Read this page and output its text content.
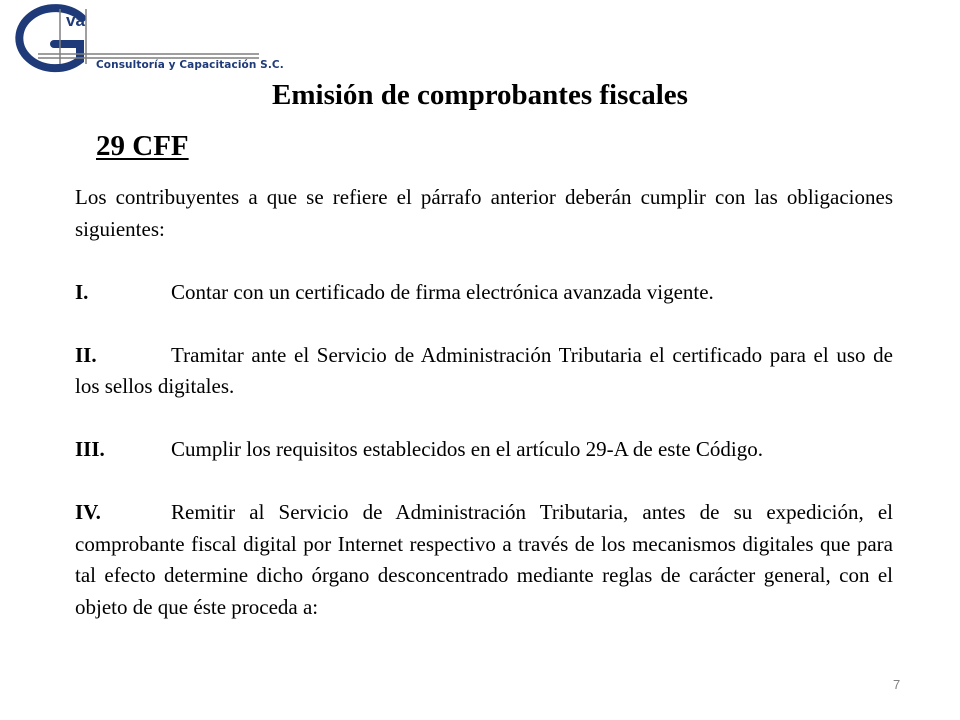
va
Consultoría y Capacitación S.C.
Emisión de comprobantes fiscales
29 CFF

Los contribuyentes a que se refiere el párrafo anterior deberán cumplir con las obligaciones siguientes:

I.	Contar con un certificado de firma electrónica avanzada vigente.

II.	Tramitar ante el Servicio de Administración Tributaria el certificado para el uso de los sellos digitales.

III.	Cumplir los requisitos establecidos en el artículo 29-A de este Código.

IV.	Remitir al Servicio de Administración Tributaria, antes de su expedición, el comprobante fiscal digital por Internet respectivo a través de los mecanismos digitales que para tal efecto determine dicho órgano desconcentrado mediante reglas de carácter general, con el objeto de que éste proceda a:

7
